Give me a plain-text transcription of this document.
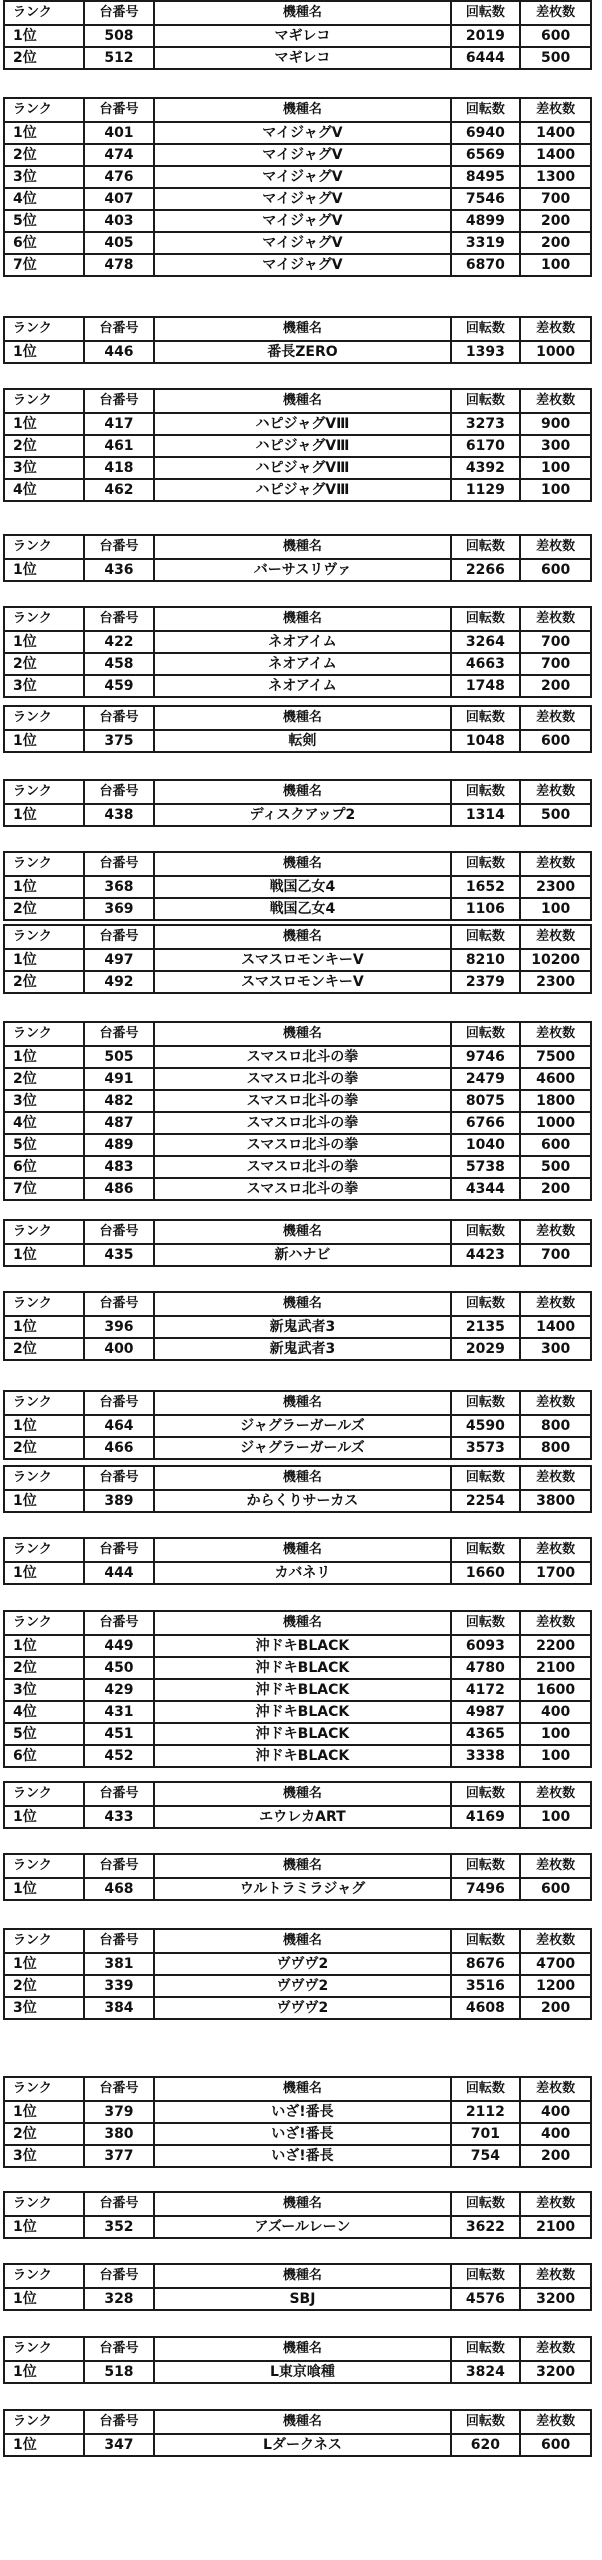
ランク	台番号	機種名	回転数	差枚数
1位	508	マギレコ	2019	600
2位	512	マギレコ	6444	500
ランク	台番号	機種名	回転数	差枚数
1位	401	マイジャグV	6940	1400
2位	474	マイジャグV	6569	1400
3位	476	マイジャグV	8495	1300
4位	407	マイジャグV	7546	700
5位	403	マイジャグV	4899	200
6位	405	マイジャグV	3319	200
7位	478	マイジャグV	6870	100
ランク	台番号	機種名	回転数	差枚数
1位	446	番長ZERO	1393	1000
ランク	台番号	機種名	回転数	差枚数
1位	417	ハピジャグVⅢ	3273	900
2位	461	ハピジャグVⅢ	6170	300
3位	418	ハピジャグVⅢ	4392	100
4位	462	ハピジャグVⅢ	1129	100
ランク	台番号	機種名	回転数	差枚数
1位	436	バーサスリヴァ	2266	600
ランク	台番号	機種名	回転数	差枚数
1位	422	ネオアイム	3264	700
2位	458	ネオアイム	4663	700
3位	459	ネオアイム	1748	200
ランク	台番号	機種名	回転数	差枚数
1位	375	転剣	1048	600
ランク	台番号	機種名	回転数	差枚数
1位	438	ディスクアップ2	1314	500
ランク	台番号	機種名	回転数	差枚数
1位	368	戦国乙女4	1652	2300
2位	369	戦国乙女4	1106	100
ランク	台番号	機種名	回転数	差枚数
1位	497	スマスロモンキーV	8210	10200
2位	492	スマスロモンキーV	2379	2300
ランク	台番号	機種名	回転数	差枚数
1位	505	スマスロ北斗の拳	9746	7500
2位	491	スマスロ北斗の拳	2479	4600
3位	482	スマスロ北斗の拳	8075	1800
4位	487	スマスロ北斗の拳	6766	1000
5位	489	スマスロ北斗の拳	1040	600
6位	483	スマスロ北斗の拳	5738	500
7位	486	スマスロ北斗の拳	4344	200
ランク	台番号	機種名	回転数	差枚数
1位	435	新ハナビ	4423	700
ランク	台番号	機種名	回転数	差枚数
1位	396	新鬼武者3	2135	1400
2位	400	新鬼武者3	2029	300
ランク	台番号	機種名	回転数	差枚数
1位	464	ジャグラーガールズ	4590	800
2位	466	ジャグラーガールズ	3573	800
ランク	台番号	機種名	回転数	差枚数
1位	389	からくりサーカス	2254	3800
ランク	台番号	機種名	回転数	差枚数
1位	444	カバネリ	1660	1700
ランク	台番号	機種名	回転数	差枚数
1位	449	沖ドキBLACK	6093	2200
2位	450	沖ドキBLACK	4780	2100
3位	429	沖ドキBLACK	4172	1600
4位	431	沖ドキBLACK	4987	400
5位	451	沖ドキBLACK	4365	100
6位	452	沖ドキBLACK	3338	100
ランク	台番号	機種名	回転数	差枚数
1位	433	エウレカART	4169	100
ランク	台番号	機種名	回転数	差枚数
1位	468	ウルトラミラジャグ	7496	600
ランク	台番号	機種名	回転数	差枚数
1位	381	ヴヴヴ2	8676	4700
2位	339	ヴヴヴ2	3516	1200
3位	384	ヴヴヴ2	4608	200
ランク	台番号	機種名	回転数	差枚数
1位	379	いざ!番長	2112	400
2位	380	いざ!番長	701	400
3位	377	いざ!番長	754	200
ランク	台番号	機種名	回転数	差枚数
1位	352	アズールレーン	3622	2100
ランク	台番号	機種名	回転数	差枚数
1位	328	SBJ	4576	3200
ランク	台番号	機種名	回転数	差枚数
1位	518	L東京喰種	3824	3200
ランク	台番号	機種名	回転数	差枚数
1位	347	Lダークネス	620	600
